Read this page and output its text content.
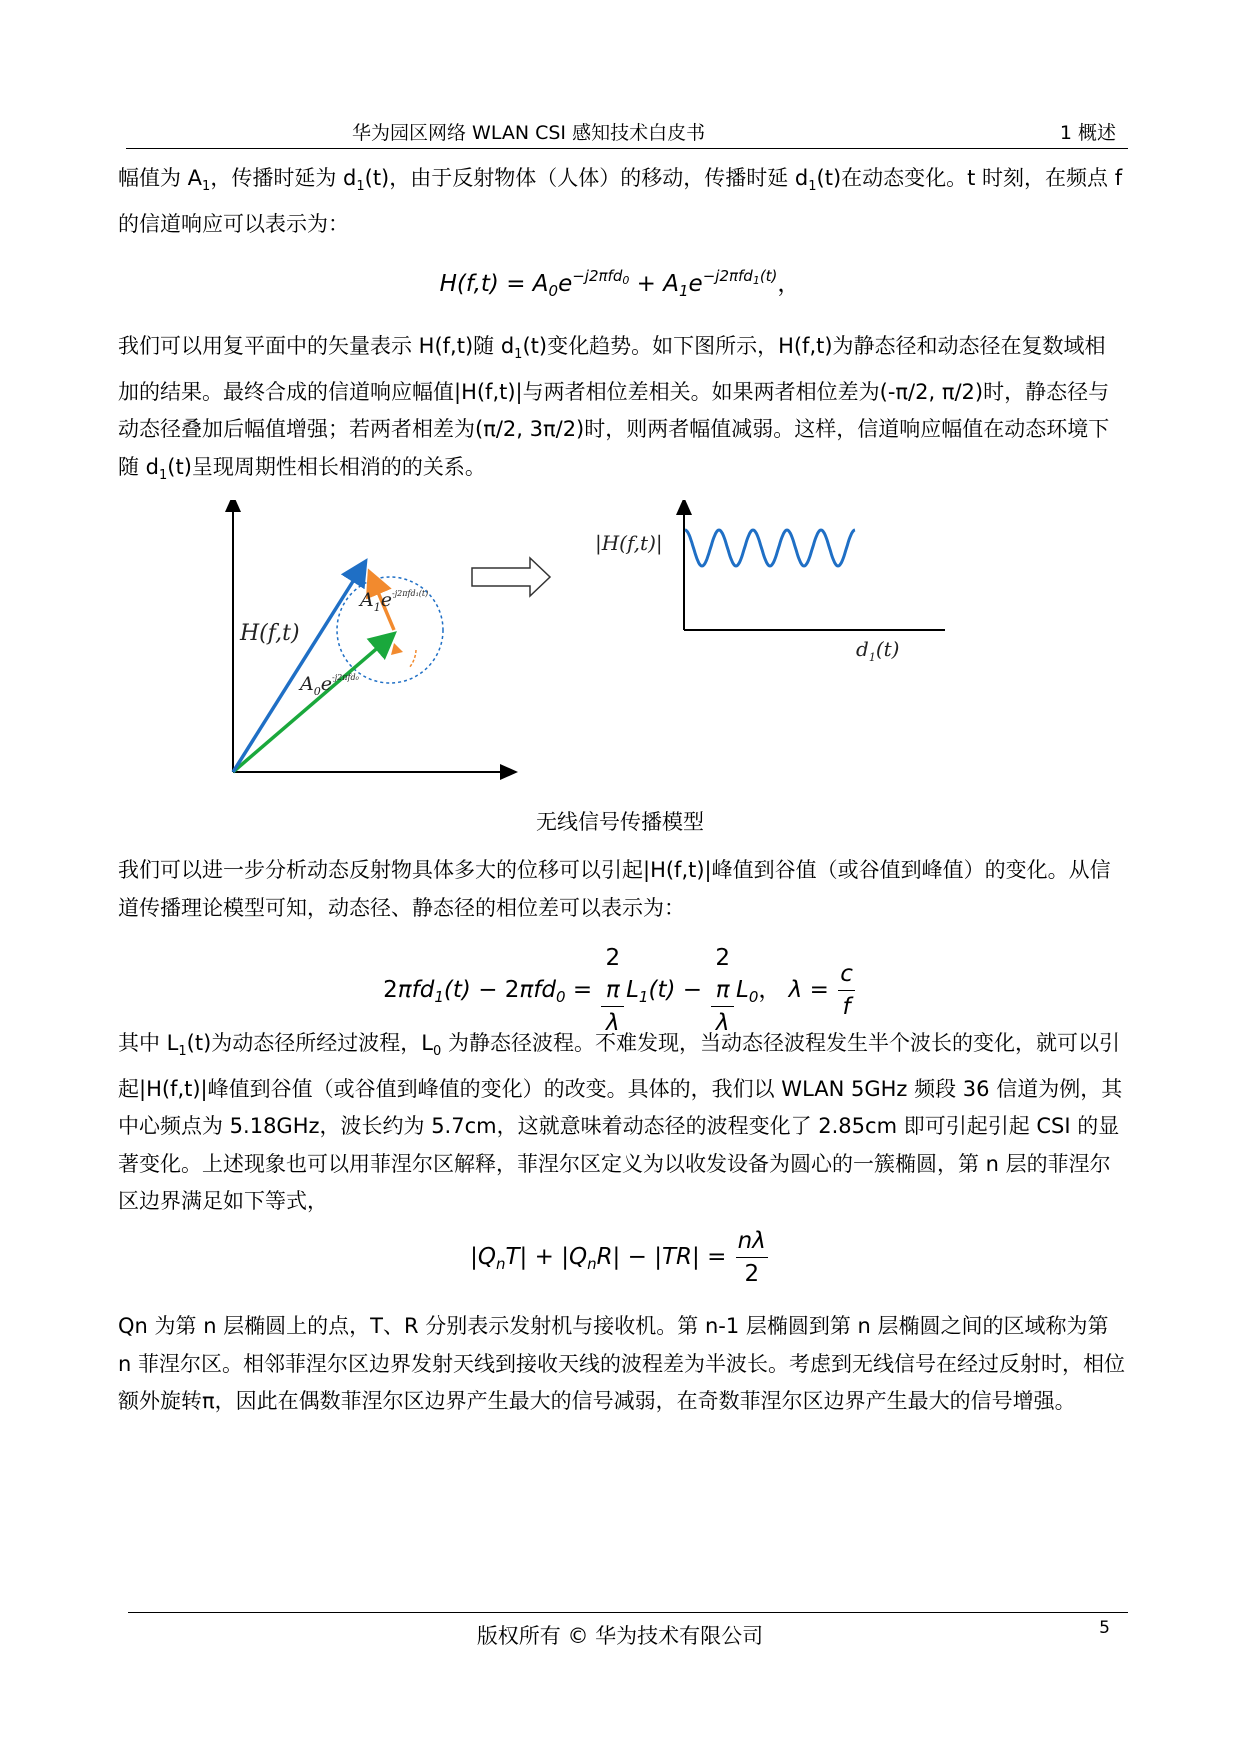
华为园区网络 WLAN CSI 感知技术白皮书	1 概述

幅值为 $A_1$，传播时延为 $d_1(t)$，由于反射物体（人体）的移动，传播时延 $d_1(t)$在动态变化。t 时刻，在频点 f 的信道响应可以表示为：

$H(f,t) = A_0e^{-j2\pi fd_0} + A_1e^{-j2\pi fd_1(t)}$，

我们可以用复平面中的矢量表示 H(f,t)随 $d_1(t)$变化趋势。如下图所示，H(f,t)为静态径和动态径在复数域相加的结果。最终合成的信道响应幅值|H(f,t)|与两者相位差相关。如果两者相位差为(-π/2, π/2)时，静态径与动态径叠加后幅值增强；若两者相差为(π/2, 3π/2)时，则两者幅值减弱。这样，信道响应幅值在动态环境下随 $d_1(t)$呈现周期性相长相消的的关系。

H(f,t)
$A_1e^{-j2\pi fd_1(t)}$
$A_0e^{-j2\pi fd_0}$
|H(f,t)|
$d_1(t)$
无线信号传播模型

我们可以进一步分析动态反射物具体多大的位移可以引起|H(f,t)|峰值到谷值（或谷值到峰值）的变化。从信道传播理论模型可知，动态径、静态径的相位差可以表示为：

2πfd$_1$(t) − 2πfd$_0$ = 2
π
λ $L_1(t) - 2$
π
λ $L_0$， $\lambda = \frac{c}{f}$

其中 $L_1(t)$为动态径所经过波程，$L_0$ 为静态径波程。不难发现，当动态径波程发生半个波长的变化，就可以引起|H(f,t)|峰值到谷值（或谷值到峰值的变化）的改变。具体的，我们以 WLAN 5GHz 频段 36 信道为例，其中心频点为 5.18GHz，波长约为 5.7cm，这就意味着动态径的波程变化了 2.85cm 即可引起引起 CSI 的显著变化。上述现象也可以用菲涅尔区解释，菲涅尔区定义为以收发设备为圆心的一簇椭圆，第 n 层的菲涅尔区边界满足如下等式，

$|Q_nT| + |Q_nR| - |TR| = \frac{n\lambda}{2}$

Qn 为第 n 层椭圆上的点，T、R 分别表示发射机与接收机。第 n-1 层椭圆到第 n 层椭圆之间的区域称为第 n 菲涅尔区。相邻菲涅尔区边界发射天线到接收天线的波程差为半波长。考虑到无线信号在经过反射时，相位额外旋转π，因此在偶数菲涅尔区边界产生最大的信号减弱，在奇数菲涅尔区边界产生最大的信号增强。

版权所有 © 华为技术有限公司	5
